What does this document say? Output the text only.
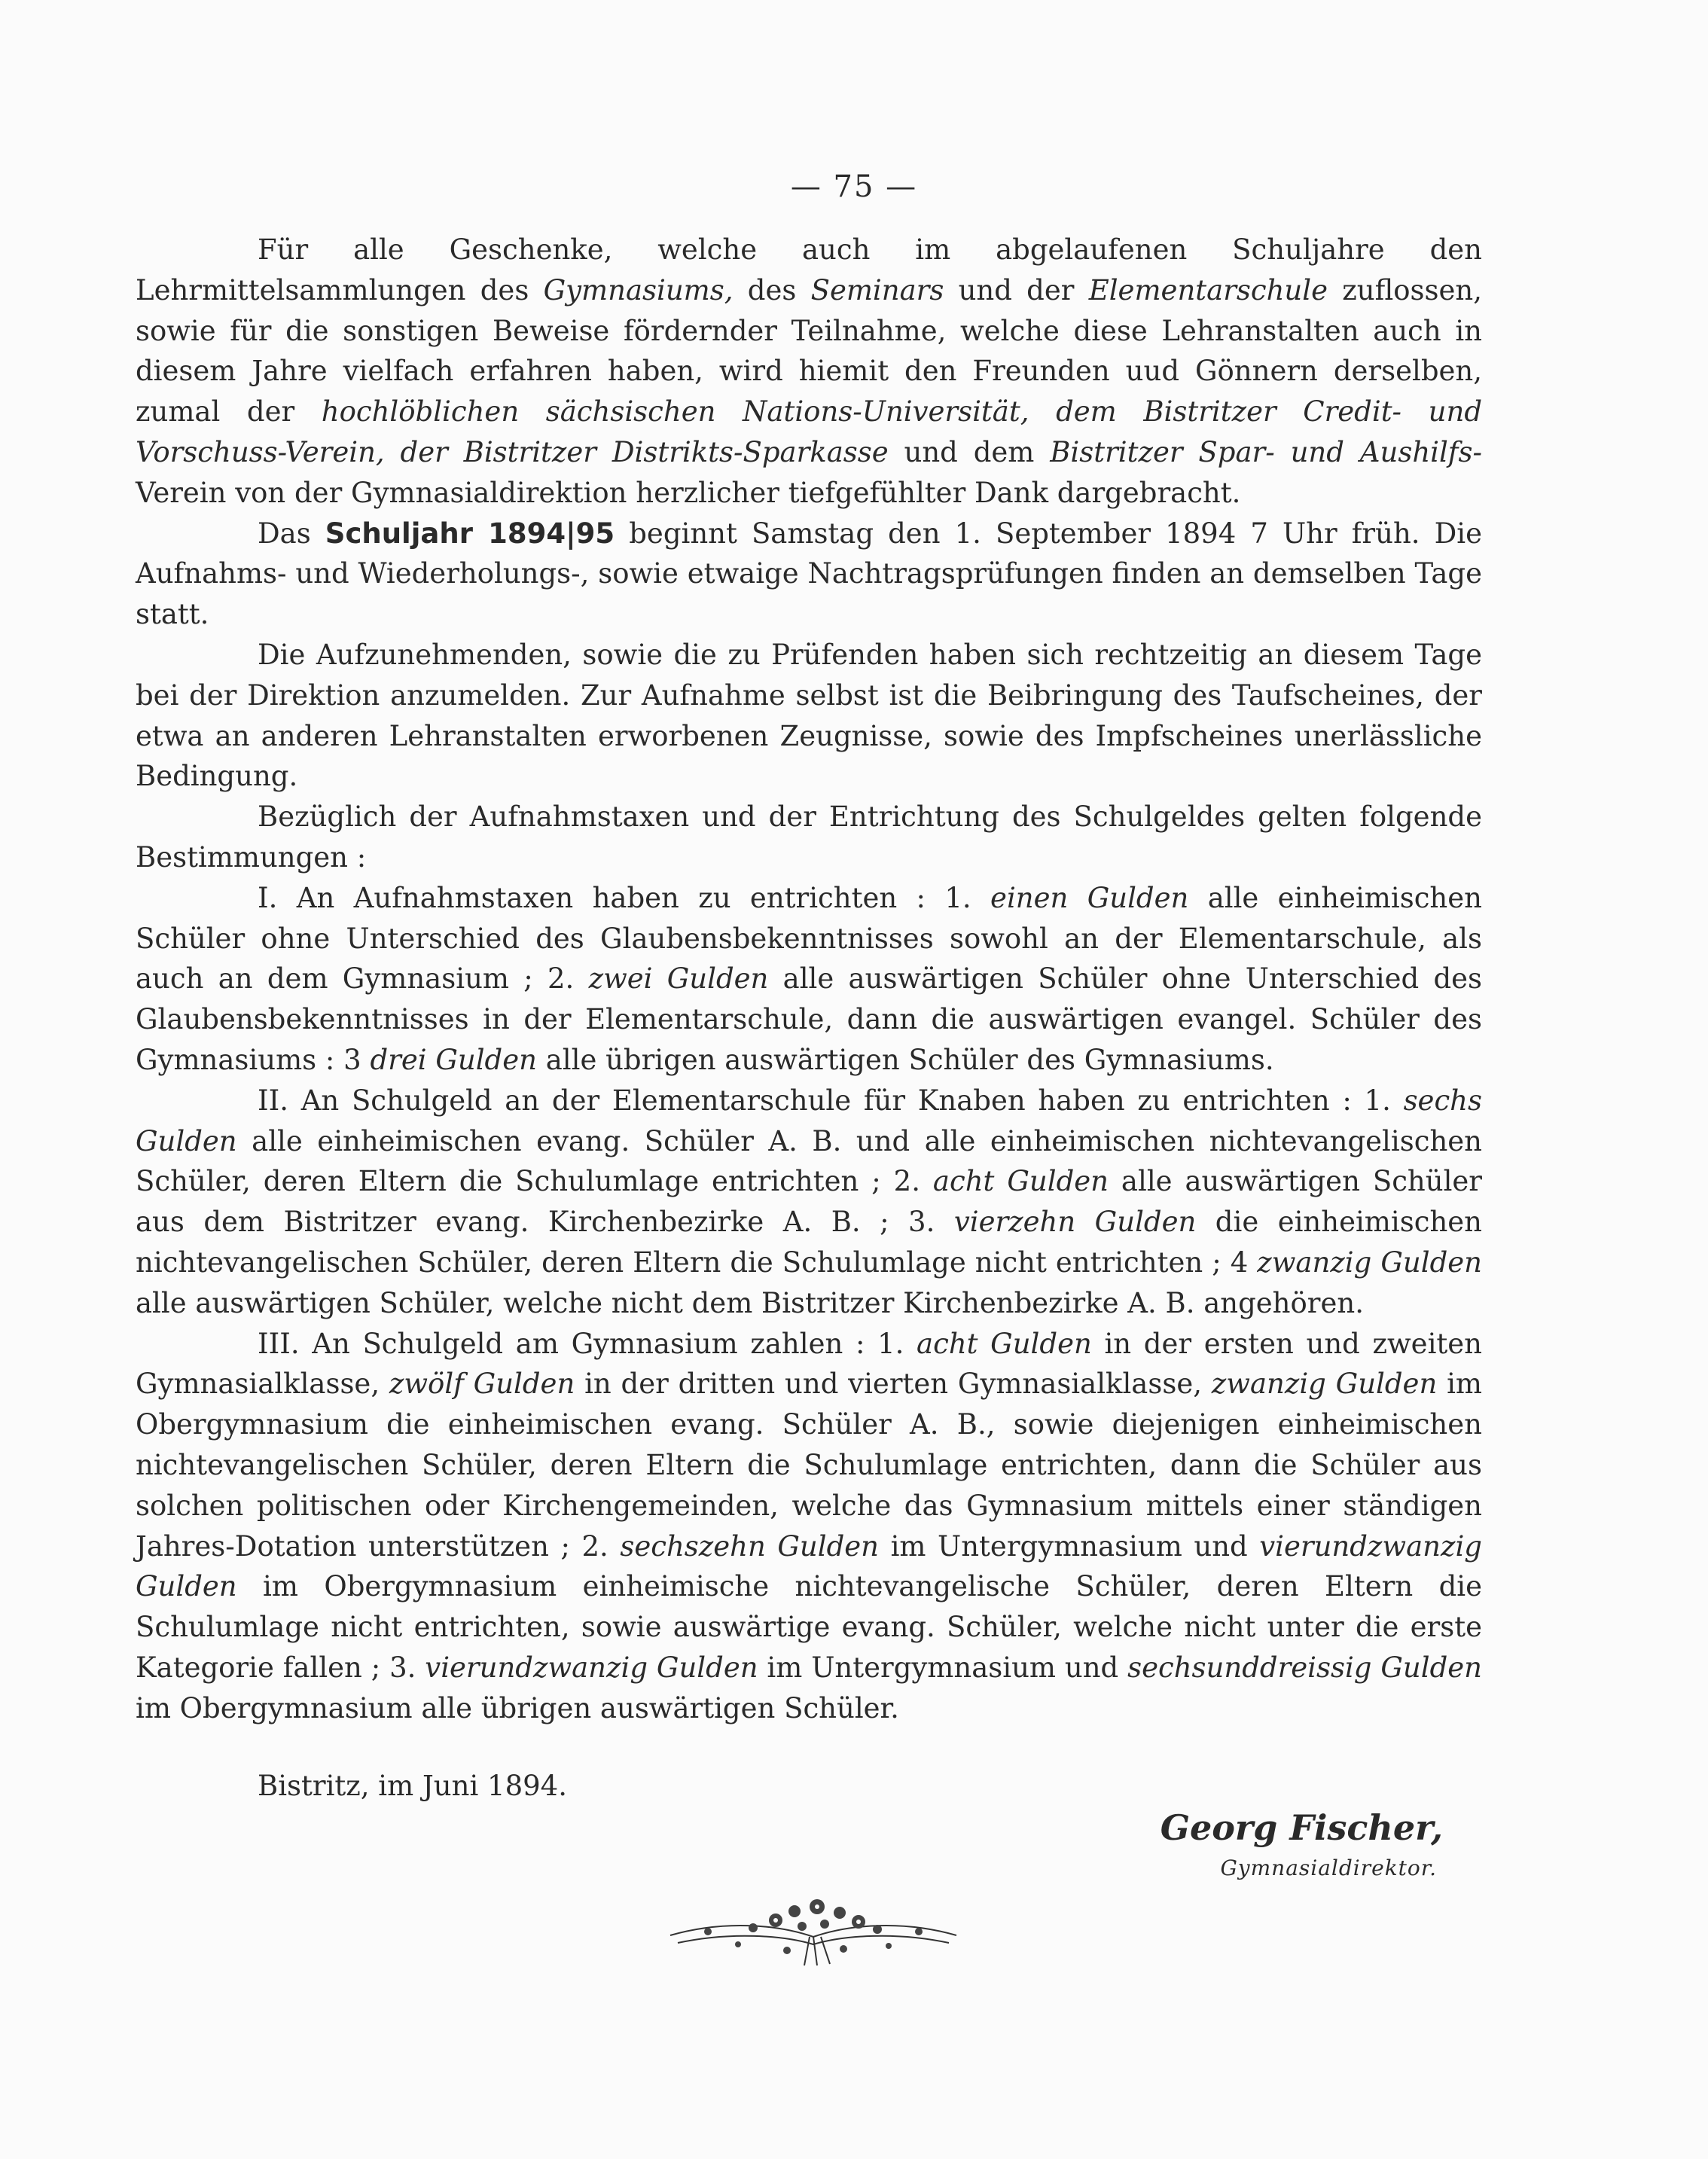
— 75 —

Für alle Geschenke, welche auch im abgelaufenen Schuljahre den Lehrmittelsammlungen des Gymnasiums, des Seminars und der Elementarschule zuflossen, sowie für die sonstigen Beweise fördernder Teilnahme, welche diese Lehranstalten auch in diesem Jahre vielfach erfahren haben, wird hiemit den Freunden uud Gönnern derselben, zumal der hochlöblichen sächsischen Nations-Universität, dem Bistritzer Credit- und Vorschuss-Verein, der Bistritzer Distrikts-Sparkasse und dem Bistritzer Spar- und Aushilfs-Verein von der Gymnasialdirektion herzlicher tiefgefühlter Dank dargebracht.

Das Schuljahr 1894|95 beginnt Samstag den 1. September 1894 7 Uhr früh. Die Aufnahms- und Wiederholungs-, sowie etwaige Nachtragsprüfungen finden an demselben Tage statt.

Die Aufzunehmenden, sowie die zu Prüfenden haben sich rechtzeitig an diesem Tage bei der Direktion anzumelden. Zur Aufnahme selbst ist die Beibringung des Taufscheines, der etwa an anderen Lehranstalten erworbenen Zeugnisse, sowie des Impfscheines unerlässliche Bedingung.

Bezüglich der Aufnahmstaxen und der Entrichtung des Schulgeldes gelten folgende Bestimmungen :

I. An Aufnahmstaxen haben zu entrichten : 1. einen Gulden alle einheimischen Schüler ohne Unterschied des Glaubensbekenntnisses sowohl an der Elementarschule, als auch an dem Gymnasium ; 2. zwei Gulden alle auswärtigen Schüler ohne Unterschied des Glaubensbekenntnisses in der Elementarschule, dann die auswärtigen evangel. Schüler des Gymnasiums : 3 drei Gulden alle übrigen auswärtigen Schüler des Gymnasiums.

II. An Schulgeld an der Elementarschule für Knaben haben zu entrichten : 1. sechs Gulden alle einheimischen evang. Schüler A. B. und alle einheimischen nichtevangelischen Schüler, deren Eltern die Schulumlage entrichten ; 2. acht Gulden alle auswärtigen Schüler aus dem Bistritzer evang. Kirchenbezirke A. B. ; 3. vierzehn Gulden die einheimischen nichtevangelischen Schüler, deren Eltern die Schulumlage nicht entrichten ; 4 zwanzig Gulden alle auswärtigen Schüler, welche nicht dem Bistritzer Kirchenbezirke A. B. angehören.

III. An Schulgeld am Gymnasium zahlen : 1. acht Gulden in der ersten und zweiten Gymnasialklasse, zwölf Gulden in der dritten und vierten Gymnasialklasse, zwanzig Gulden im Obergymnasium die einheimischen evang. Schüler A. B., sowie diejenigen einheimischen nichtevangelischen Schüler, deren Eltern die Schulumlage entrichten, dann die Schüler aus solchen politischen oder Kirchengemeinden, welche das Gymnasium mittels einer ständigen Jahres-Dotation unterstützen ; 2. sechszehn Gulden im Untergymnasium und vierundzwanzig Gulden im Obergymnasium einheimische nichtevangelische Schüler, deren Eltern die Schulumlage nicht entrichten, sowie auswärtige evang. Schüler, welche nicht unter die erste Kategorie fallen ; 3. vierundzwanzig Gulden im Untergymnasium und sechsunddreissig Gulden im Obergymnasium alle übrigen auswärtigen Schüler.

Bistritz, im Juni 1894.
Georg Fischer,
Gymnasialdirektor.
